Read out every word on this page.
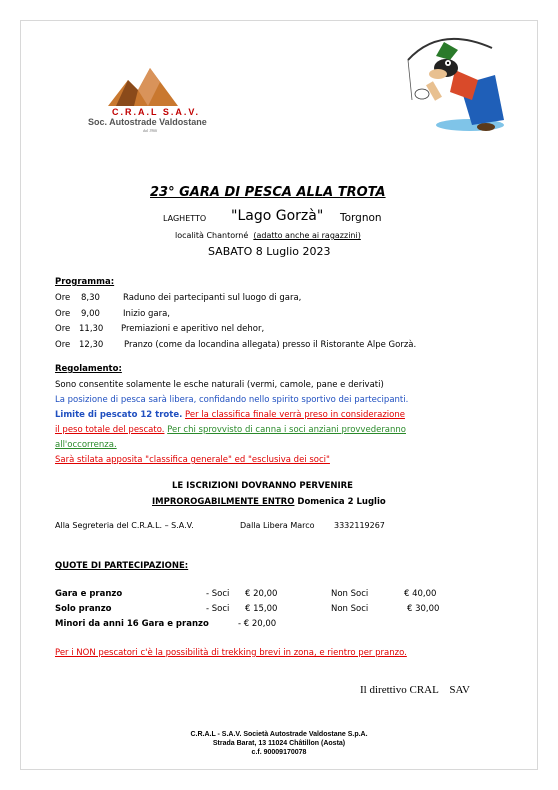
C.R.A.L S.A.V.
Soc. Autostrade Valdostane
dal 1966
23° GARA DI PESCA ALLA TROTA
LAGHETTO "Lago Gorzà" Torgnon
località Chantorné (adatto anche ai ragazzini)
SABATO 8 Luglio 2023
Programma:
Ore 8,30	Raduno dei partecipanti sul luogo di gara,
Ore 9,00	Inizio gara,
Ore 11,30 Premiazioni e aperitivo nel dehor,
Ore 12,30 Pranzo (come da locandina allegata) presso il Ristorante Alpe Gorzà.
Regolamento:
Sono consentite solamente le esche naturali (vermi, camole, pane e derivati)
La posizione di pesca sarà libera, confidando nello spirito sportivo dei partecipanti.
Limite di pescato 12 trote. Per la classifica finale verrà preso in considerazione
il peso totale del pescato. Per chi sprovvisto di canna i soci anziani provvederanno
all'occorrenza.
Sarà stilata apposita "classifica generale" ed "esclusiva dei soci"
LE ISCRIZIONI DOVRANNO PERVENIRE
IMPROROGABILMENTE ENTRO Domenica 2 Luglio
Alla Segreteria del C.R.A.L. – S.A.V.	Dalla Libera Marco 3332119267
QUOTE DI PARTECIPAZIONE:
Gara e pranzo	- Soci € 20,00	Non Soci	€ 40,00
Solo pranzo	- Soci € 15,00	Non Soci	€ 30,00
Minori da anni 16 Gara e pranzo	- € 20,00
Per i NON pescatori c'è la possibilità di trekking brevi in zona, e rientro per pranzo.
Il direttivo CRAL    SAV
C.R.A.L - S.A.V. Società Autostrade Valdostane S.p.A.
Strada Barat, 13 11024 Châtillon (Aosta)
c.f. 90009170078
